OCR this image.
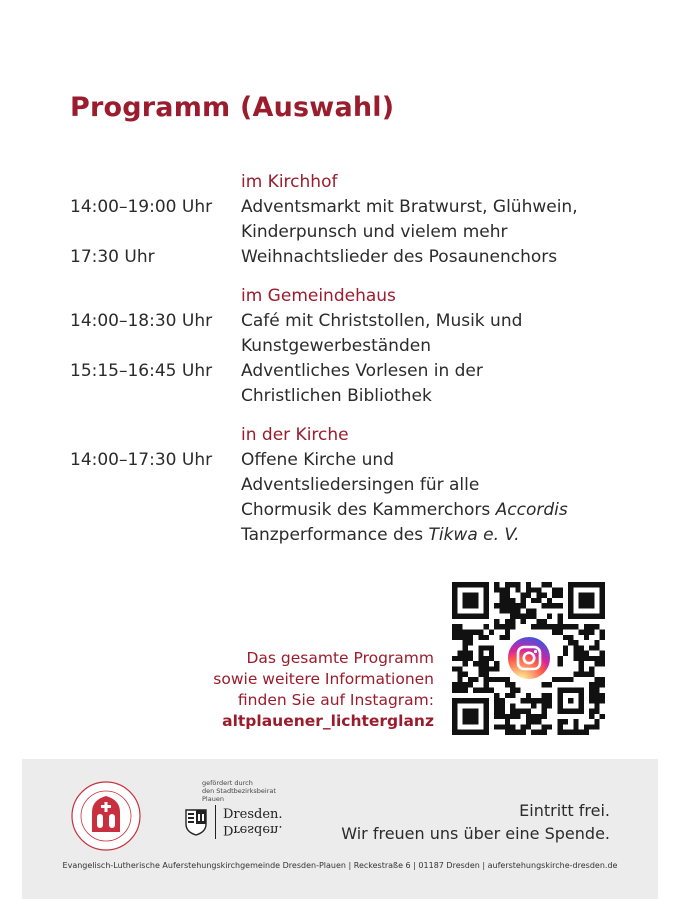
Programm (Auswahl)
im Kirchhof
14:00–19:00 Uhr	Adventsmarkt mit Bratwurst, Glühwein,
Kinderpunsch und vielem mehr
17:30 Uhr	Weihnachtslieder des Posaunenchors
im Gemeindehaus
14:00–18:30 Uhr	Café mit Christstollen, Musik und
Kunstgewerbeständen
15:15–16:45 Uhr	Adventliches Vorlesen in der
Christlichen Bibliothek
in der Kirche
14:00–17:30 Uhr	Offene Kirche und
Adventsliedersingen für alle
Chormusik des Kammerchors Accordis
Tanzperformance des Tikwa e. V.
Das gesamte Programm
sowie weitere Informationen
finden Sie auf Instagram:
altplauener_lichterglanz
gefördert durch
den Stadtbezirksbeirat
Plauen
Dresden.
Dresden.
Eintritt frei.
Wir freuen uns über eine Spende.
Evangelisch-Lutherische Auferstehungskirchgemeinde Dresden-Plauen | Reckestraße 6 | 01187 Dresden | auferstehungskirche-dresden.de
